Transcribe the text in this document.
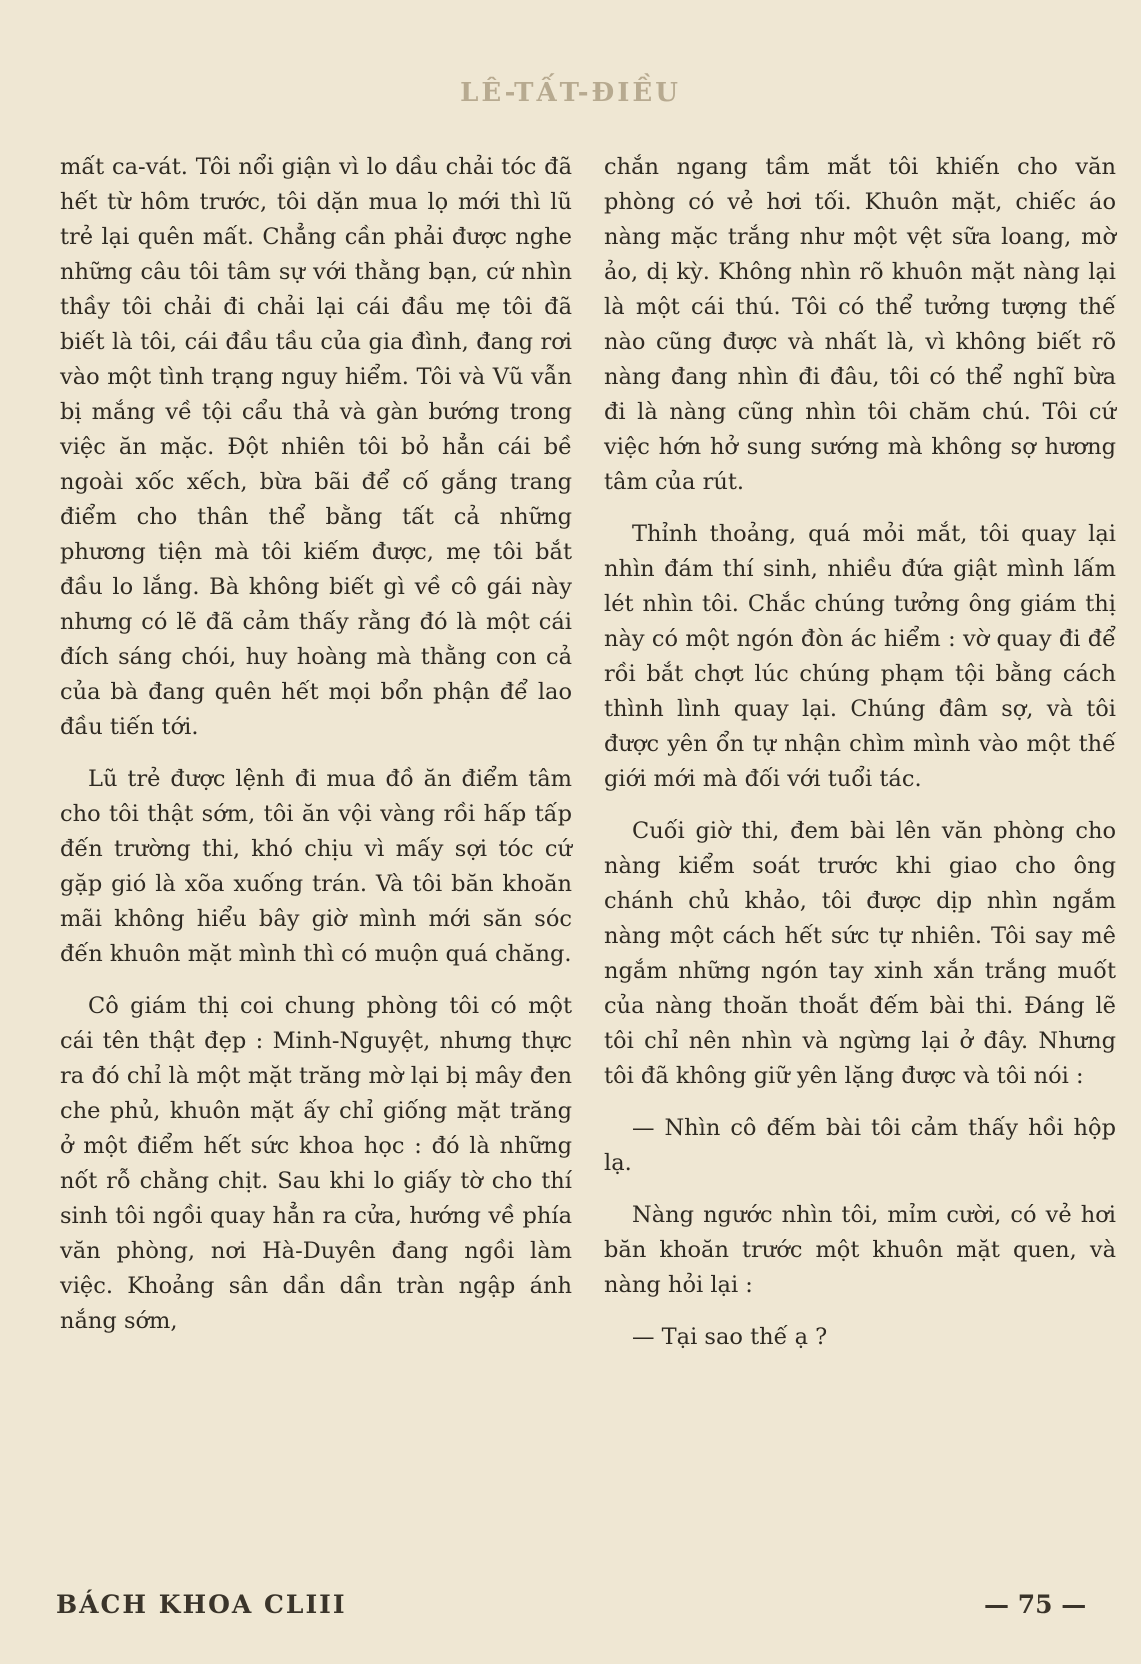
LÊ-TẤT-ĐIỀU

mất ca-vát. Tôi nổi giận vì lo dầu chải tóc đã hết từ hôm trước, tôi dặn mua lọ mới thì lũ trẻ lại quên mất. Chẳng cần phải được nghe những câu tôi tâm sự với thằng bạn, cứ nhìn thầy tôi chải đi chải lại cái đầu mẹ tôi đã biết là tôi, cái đầu tầu của gia đình, đang rơi vào một tình trạng nguy hiểm. Tôi và Vũ vẫn bị mắng về tội cẩu thả và gàn bướng trong việc ăn mặc. Đột nhiên tôi bỏ hẳn cái bề ngoài xốc xếch, bừa bãi để cố gắng trang điểm cho thân thể bằng tất cả những phương tiện mà tôi kiếm được, mẹ tôi bắt đầu lo lắng. Bà không biết gì về cô gái này nhưng có lẽ đã cảm thấy rằng đó là một cái đích sáng chói, huy hoàng mà thằng con cả của bà đang quên hết mọi bổn phận để lao đầu tiến tới.

Lũ trẻ được lệnh đi mua đồ ăn điểm tâm cho tôi thật sớm, tôi ăn vội vàng rồi hấp tấp đến trường thi, khó chịu vì mấy sợi tóc cứ gặp gió là xõa xuống trán. Và tôi băn khoăn mãi không hiểu bây giờ mình mới săn sóc đến khuôn mặt mình thì có muộn quá chăng.

Cô giám thị coi chung phòng tôi có một cái tên thật đẹp : Minh-Nguyệt, nhưng thực ra đó chỉ là một mặt trăng mờ lại bị mây đen che phủ, khuôn mặt ấy chỉ giống mặt trăng ở một điểm hết sức khoa học : đó là những nốt rỗ chằng chịt. Sau khi lo giấy tờ cho thí sinh tôi ngồi quay hẳn ra cửa, hướng về phía văn phòng, nơi Hà-Duyên đang ngồi làm việc. Khoảng sân dần dần tràn ngập ánh nắng sớm,

chắn ngang tầm mắt tôi khiến cho văn phòng có vẻ hơi tối. Khuôn mặt, chiếc áo nàng mặc trắng như một vệt sữa loang, mờ ảo, dị kỳ. Không nhìn rõ khuôn mặt nàng lại là một cái thú. Tôi có thể tưởng tượng thế nào cũng được và nhất là, vì không biết rõ nàng đang nhìn đi đâu, tôi có thể nghĩ bừa đi là nàng cũng nhìn tôi chăm chú. Tôi cứ việc hớn hở sung sướng mà không sợ hương tâm của rút.

Thỉnh thoảng, quá mỏi mắt, tôi quay lại nhìn đám thí sinh, nhiều đứa giật mình lấm lét nhìn tôi. Chắc chúng tưởng ông giám thị này có một ngón đòn ác hiểm : vờ quay đi để rồi bắt chợt lúc chúng phạm tội bằng cách thình lình quay lại. Chúng đâm sợ, và tôi được yên ổn tự nhận chìm mình vào một thế giới mới mà đối với tuổi tác.

Cuối giờ thi, đem bài lên văn phòng cho nàng kiểm soát trước khi giao cho ông chánh chủ khảo, tôi được dịp nhìn ngắm nàng một cách hết sức tự nhiên. Tôi say mê ngắm những ngón tay xinh xắn trắng muốt của nàng thoăn thoắt đếm bài thi. Đáng lẽ tôi chỉ nên nhìn và ngừng lại ở đây. Nhưng tôi đã không giữ yên lặng được và tôi nói :

— Nhìn cô đếm bài tôi cảm thấy hồi hộp lạ.

Nàng ngước nhìn tôi, mỉm cười, có vẻ hơi băn khoăn trước một khuôn mặt quen, và nàng hỏi lại :

— Tại sao thế ạ ?

BÁCH KHOA CLIII	— 75 —
